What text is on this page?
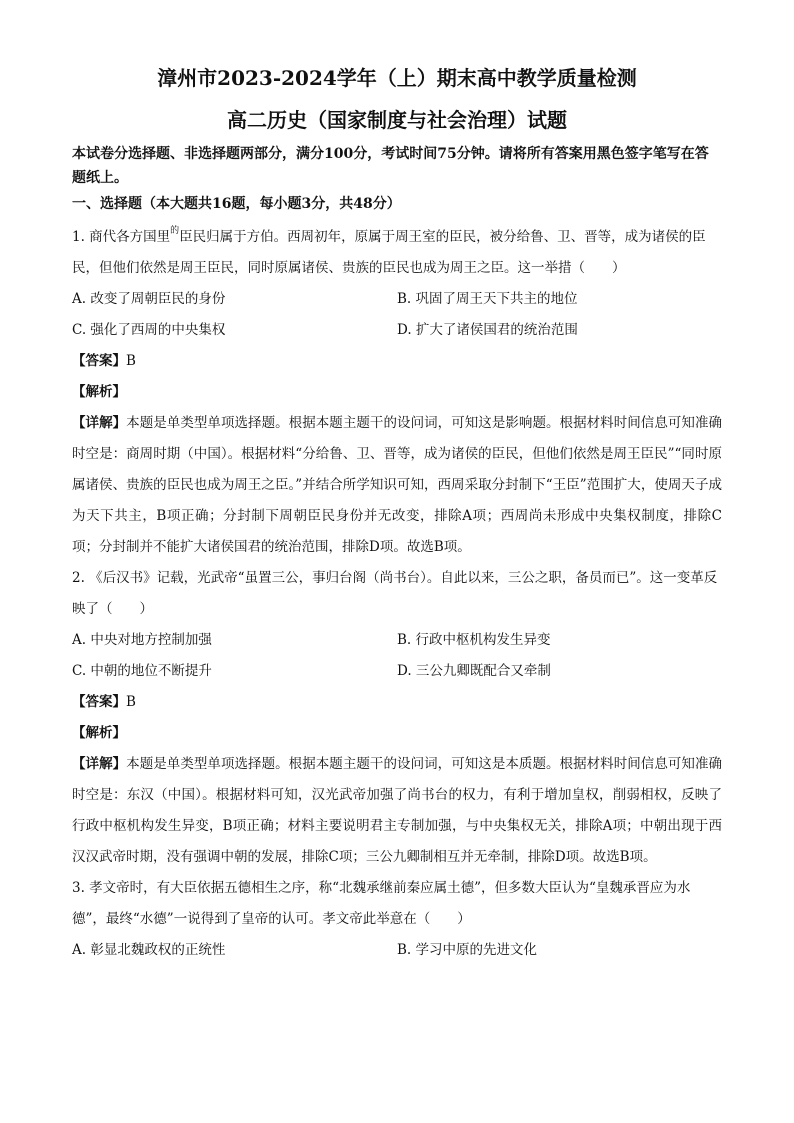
漳州市2023-2024学年（上）期末高中教学质量检测

高二历史（国家制度与社会治理）试题

本试卷分选择题、非选择题两部分，满分100分，考试时间75分钟。请将所有答案用黑色签字笔写在答题纸上。

一、选择题（本大题共16题，每小题3分，共48分）

1. 商代各方国里$^的$臣民归属于方伯。西周初年，原属于周王室的臣民，被分给鲁、卫、晋等，成为诸侯的臣民，但他们依然是周王臣民，同时原属诸侯、贵族的臣民也成为周王之臣。这一举措（　　）

A. 改变了周朝臣民的身份	B. 巩固了周王天下共主的地位
C. 强化了西周的中央集权	D. 扩大了诸侯国君的统治范围

【答案】B

【解析】

【详解】本题是单类型单项选择题。根据本题主题干的设问词，可知这是影响题。根据材料时间信息可知准确时空是：商周时期（中国）。根据材料“分给鲁、卫、晋等，成为诸侯的臣民，但他们依然是周王臣民”“同时原属诸侯、贵族的臣民也成为周王之臣。”并结合所学知识可知，西周采取分封制下“王臣”范围扩大，使周天子成为天下共主，B项正确；分封制下周朝臣民身份并无改变，排除A项；西周尚未形成中央集权制度，排除C项；分封制并不能扩大诸侯国君的统治范围，排除D项。故选B项。

2. 《后汉书》记载，光武帝“虽置三公，事归台阁（尚书台）。自此以来，三公之职，备员而已”。这一变革反映了（　　）

A. 中央对地方控制加强	B. 行政中枢机构发生异变
C. 中朝的地位不断提升	D. 三公九卿既配合又牵制

【答案】B

【解析】

【详解】本题是单类型单项选择题。根据本题主题干的设问词，可知这是本质题。根据材料时间信息可知准确时空是：东汉（中国）。根据材料可知，汉光武帝加强了尚书台的权力，有利于增加皇权，削弱相权，反映了行政中枢机构发生异变，B项正确；材料主要说明君主专制加强，与中央集权无关，排除A项；中朝出现于西汉汉武帝时期，没有强调中朝的发展，排除C项；三公九卿制相互并无牵制，排除D项。故选B项。

3. 孝文帝时，有大臣依据五德相生之序，称“北魏承继前秦应属土德”，但多数大臣认为“皇魏承晋应为水德”，最终“水德”一说得到了皇帝的认可。孝文帝此举意在（　　）

A. 彰显北魏政权的正统性	B. 学习中原的先进文化
